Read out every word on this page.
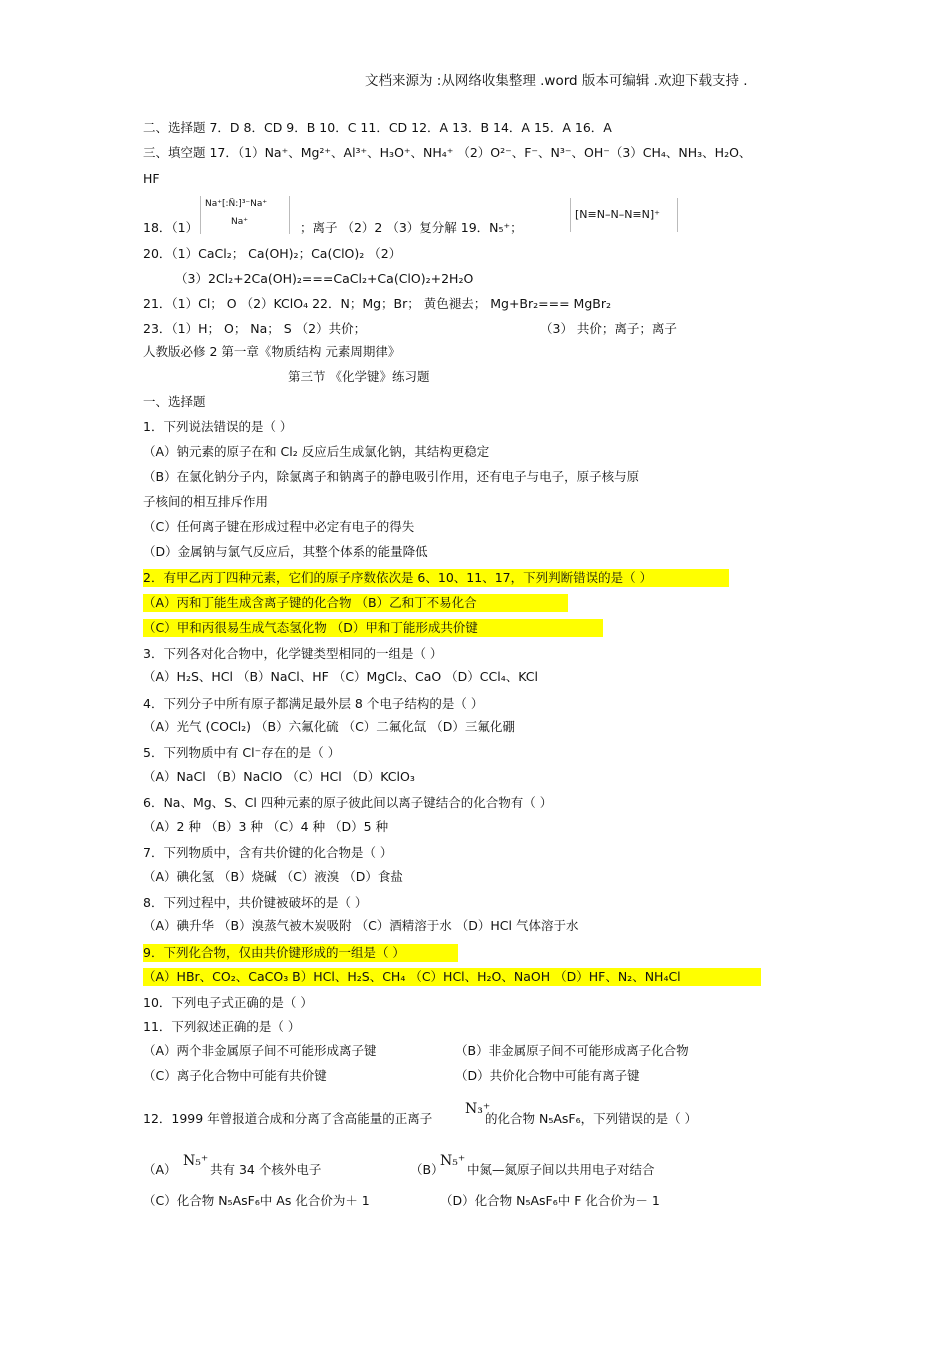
文档来源为 :从网络收集整理 .word 版本可编辑 .欢迎下载支持 .
二、选择题 7．D 8．CD 9．B 10．C 11．CD 12．A 13．B 14．A 15．A 16．A
三、填空题 17．（1）Na⁺、Mg²⁺、Al³⁺、H₃O⁺、NH₄⁺ （2）O²⁻、F⁻、N³⁻、OH⁻（3）CH₄、NH₃、H₂O、
HF
18．（1）
Na⁺[:N̈:]³⁻Na⁺
Na⁺	；离子 （2）2 （3）复分解 19．N₅⁺；
[N≡N–N–N≡N]⁺
20．（1）CaCl₂； Ca(OH)₂；Ca(ClO)₂ （2）
（3）2Cl₂+2Ca(OH)₂===CaCl₂+Ca(ClO)₂+2H₂O
21．（1）Cl； O （2）KClO₄ 22．N；Mg；Br； 黄色褪去； Mg+Br₂=== MgBr₂
23．（1）H； O； Na； S （2）共价；	（3） 共价；离子；离子
人教版必修 2 第一章《物质结构 元素周期律》
第三节 《化学键》练习题
一、选择题
1．下列说法错误的是（ ）
（A）钠元素的原子在和 Cl₂ 反应后生成氯化钠，其结构更稳定
（B）在氯化钠分子内，除氯离子和钠离子的静电吸引作用，还有电子与电子，原子核与原
子核间的相互排斥作用
（C）任何离子键在形成过程中必定有电子的得失
（D）金属钠与氯气反应后，其整个体系的能量降低
2．有甲乙丙丁四种元素，它们的原子序数依次是 6、10、11、17，下列判断错误的是（ ）
（A）丙和丁能生成含离子键的化合物 （B）乙和丁不易化合
（C）甲和丙很易生成气态氢化物 （D）甲和丁能形成共价键
3．下列各对化合物中，化学键类型相同的一组是（ ）
（A）H₂S、HCl （B）NaCl、HF （C）MgCl₂、CaO （D）CCl₄、KCl
4．下列分子中所有原子都满足最外层 8 个电子结构的是（ ）
（A）光气 (COCl₂) （B）六氟化硫 （C）二氟化氙 （D）三氟化硼
5．下列物质中有 Cl⁻存在的是（ ）
（A）NaCl （B）NaClO （C）HCl （D）KClO₃
6．Na、Mg、S、Cl 四种元素的原子彼此间以离子键结合的化合物有（ ）
（A）2 种 （B）3 种 （C）4 种 （D）5 种
7．下列物质中，含有共价键的化合物是（ ）
（A）碘化氢 （B）烧碱 （C）液溴 （D）食盐
8．下列过程中，共价键被破坏的是（ ）
（A）碘升华 （B）溴蒸气被木炭吸附 （C）酒精溶于水 （D）HCl 气体溶于水
9．下列化合物，仅由共价键形成的一组是（ ）
（A）HBr、CO₂、CaCO₃ B）HCl、H₂S、CH₄ （C）HCl、H₂O、NaOH （D）HF、N₂、NH₄Cl
10．下列电子式正确的是（ ）
11．下列叙述正确的是（ ）
（A）两个非金属原子间不可能形成离子键	（B）非金属原子间不可能形成离子化合物
（C）离子化合物中可能有共价键	（D）共价化合物中可能有离子键
12．1999 年曾报道合成和分离了含高能量的正离子
N₃⁺
的化合物 N₅AsF₆，下列错误的是（ ）
（A）
N₅⁺
共有 34 个核外电子	（B）
N₅⁺
中氮—氮原子间以共用电子对结合
（C）化合物 N₅AsF₆中 As 化合价为＋ 1	（D）化合物 N₅AsF₆中 F 化合价为－ 1
